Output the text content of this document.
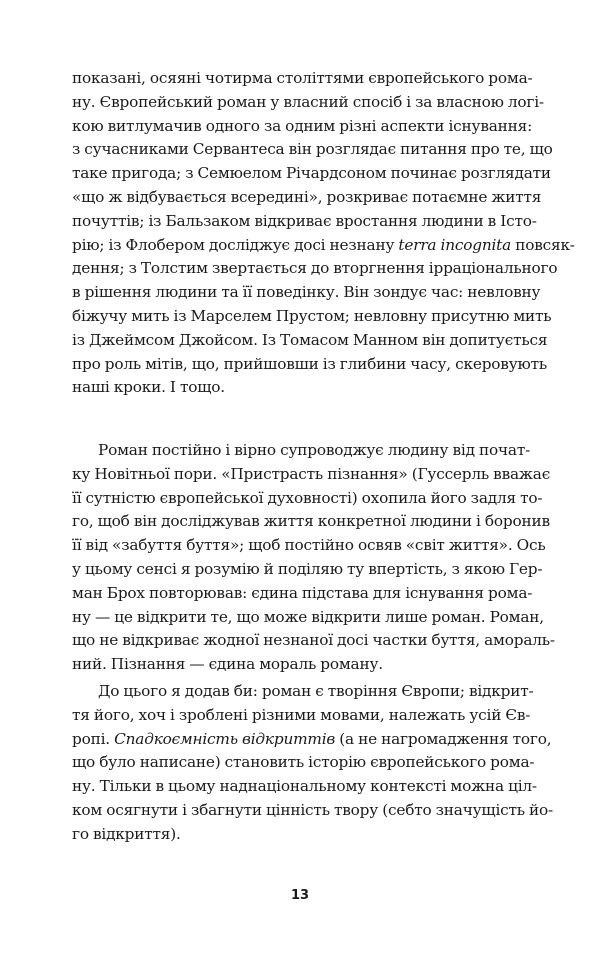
показані, осяяні чотирма століттями європейського рома-
ну. Європейський роман у власний спосіб і за власною логі-
кою витлумачив одного за одним різні аспекти існування:
з сучасниками Сервантеса він розглядає питання про те, що
таке пригода; з Семюелом Річардсоном починає розглядати
«що ж відбувається всередині», розкриває потаємне життя
почуттів; із Бальзаком відкриває вростання людини в Істо-
рію; із Флобером досліджує досі незнану terra incognita повсяк-
дення; з Толстим звертається до вторгнення ірраціонального
в рішення людини та її поведінку. Він зондує час: невловну
біжучу мить із Марселем Прустом; невловну присутню мить
із Джеймсом Джойсом. Із Томасом Манном він допитується
про роль мітів, що, прийшовши із глибини часу, скеровують
наші кроки. І тощо.
Роман постійно і вірно супроводжує людину від почат-
ку Новітньої пори. «Пристрасть пізнання» (Гуссерль вважає
її сутністю європейської духовності) охопила його задля то-
го, щоб він досліджував життя конкретної людини і боронив
її від «забуття буття»; щоб постійно освяв «світ життя». Ось
у цьому сенсі я розумію й поділяю ту впертість, з якою Гер-
ман Брох повторював: єдина підстава для існування рома-
ну — це відкрити те, що може відкрити лише роман. Роман,
що не відкриває жодної незнаної досі частки буття, амораль-
ний. Пізнання — єдина мораль роману.
До цього я додав би: роман є творіння Європи; відкрит-
тя його, хоч і зроблені різними мовами, належать усій Єв-
ропі. Спадкоємність відкриттів (а не нагромадження того,
що було написане) становить історію європейського рома-
ну. Тільки в цьому наднаціональному контексті можна ціл-
ком осягнути і збагнути цінність твору (себто значущість йо-
го відкриття).
13
